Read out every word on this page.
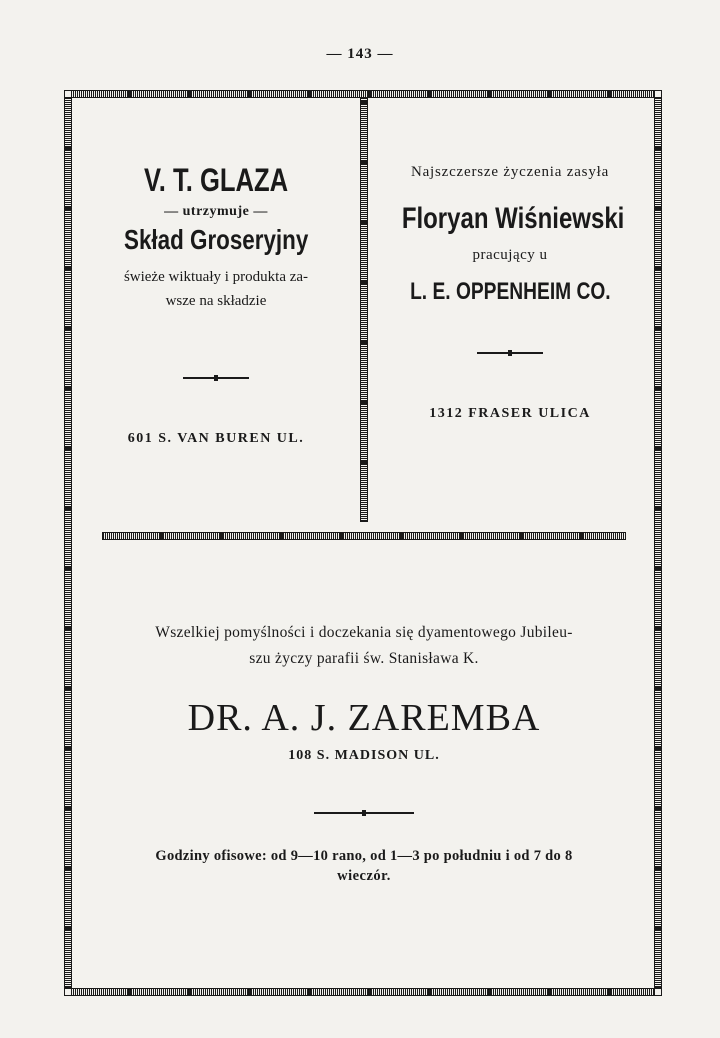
— 143 —
V. T. GLAZA
— utrzymuje —
Skład Groseryjny
świeże wiktuały i produkta za-
wsze na składzie
601 S. VAN BUREN UL.
Najszczersze życzenia zasyła
Floryan Wiśniewski
pracujący u
L. E. OPPENHEIM CO.
1312 FRASER ULICA
Wszelkiej pomyślności i doczekania się dyamentowego Jubileu-
szu życzy parafii św. Stanisława K.
DR. A. J. ZAREMBA
108 S. MADISON UL.
Godziny ofisowe: od 9—10 rano, od 1—3 po południu i od 7 do 8
wieczór.
